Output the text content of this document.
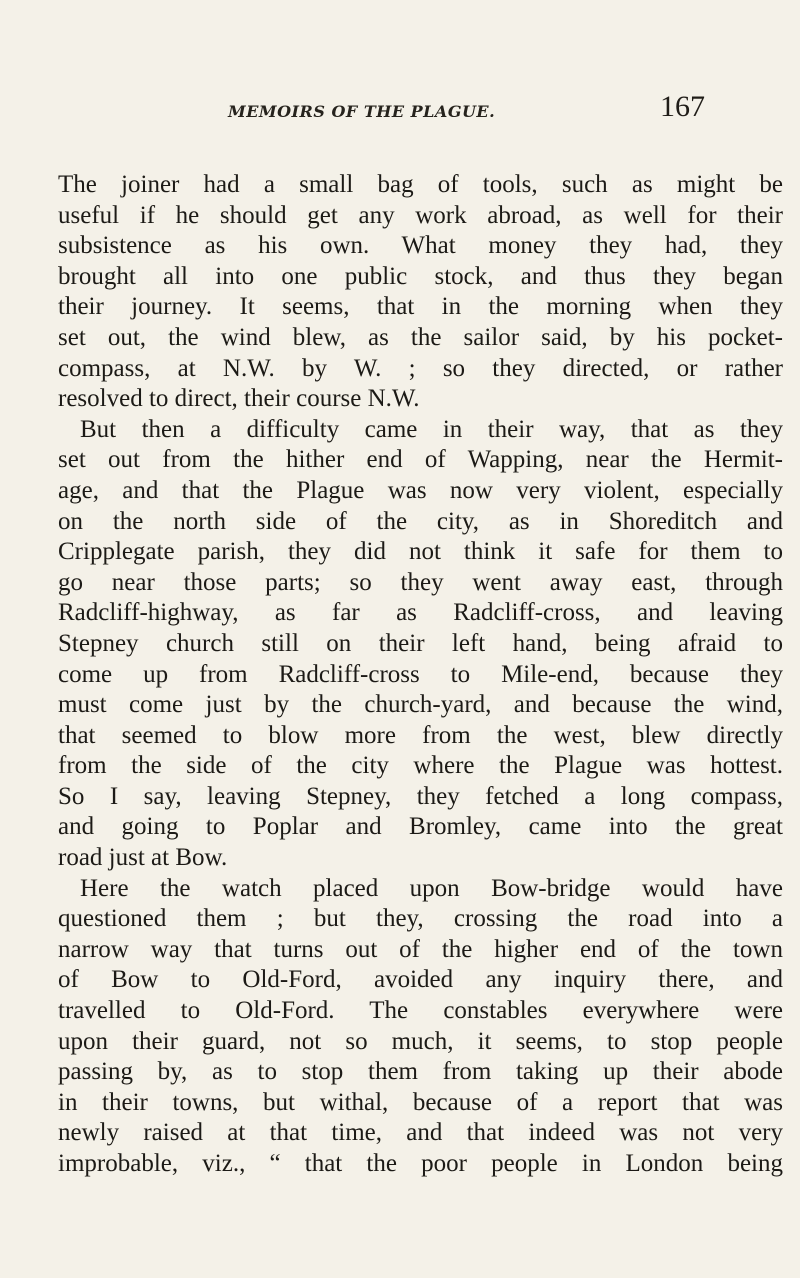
MEMOIRS OF THE PLAGUE.	167
The joiner had a small bag of tools, such as might be
useful if he should get any work abroad, as well for their
subsistence as his own. What money they had, they
brought all into one public stock, and thus they began
their journey. It seems, that in the morning when they
set out, the wind blew, as the sailor said, by his pocket-
compass, at N.W. by W. ; so they directed, or rather
resolved to direct, their course N.W.
But then a difficulty came in their way, that as they
set out from the hither end of Wapping, near the Hermit-
age, and that the Plague was now very violent, especially
on the north side of the city, as in Shoreditch and
Cripplegate parish, they did not think it safe for them to
go near those parts; so they went away east, through
Radcliff-highway, as far as Radcliff-cross, and leaving
Stepney church still on their left hand, being afraid to
come up from Radcliff-cross to Mile-end, because they
must come just by the church-yard, and because the wind,
that seemed to blow more from the west, blew directly
from the side of the city where the Plague was hottest.
So I say, leaving Stepney, they fetched a long compass,
and going to Poplar and Bromley, came into the great
road just at Bow.
Here the watch placed upon Bow-bridge would have
questioned them ; but they, crossing the road into a
narrow way that turns out of the higher end of the town
of Bow to Old-Ford, avoided any inquiry there, and
travelled to Old-Ford. The constables everywhere were
upon their guard, not so much, it seems, to stop people
passing by, as to stop them from taking up their abode
in their towns, but withal, because of a report that was
newly raised at that time, and that indeed was not very
improbable, viz., “ that the poor people in London being
